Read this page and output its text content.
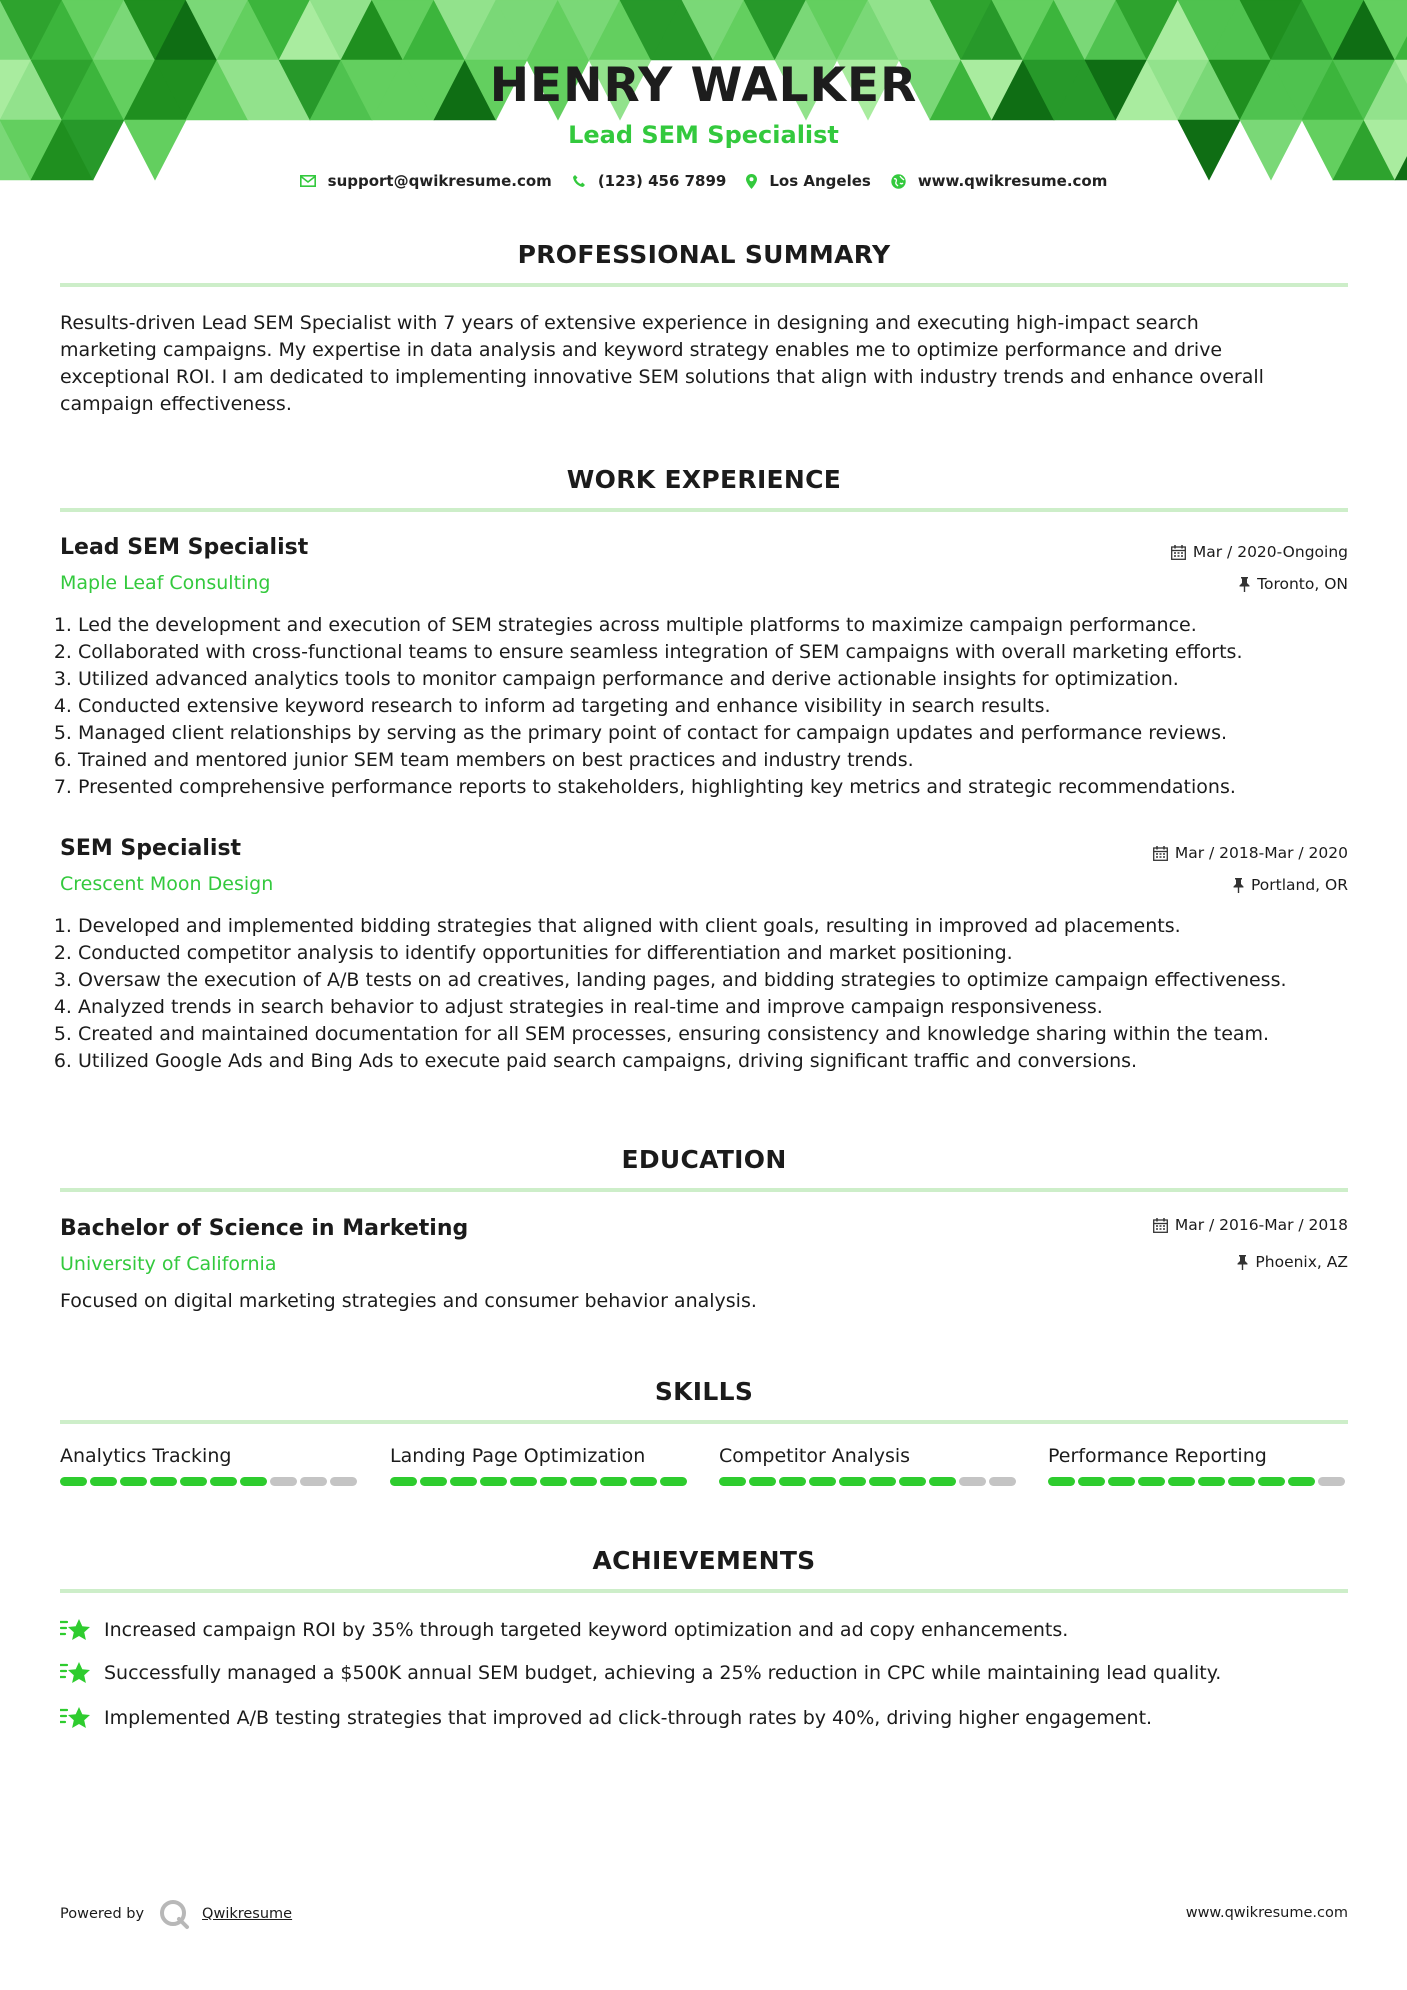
HENRY WALKER
Lead SEM Specialist
support@qwikresume.com	(123) 456 7899	Los Angeles	www.qwikresume.com
PROFESSIONAL SUMMARY
Results-driven Lead SEM Specialist with 7 years of extensive experience in designing and executing high-impact search
marketing campaigns. My expertise in data analysis and keyword strategy enables me to optimize performance and drive
exceptional ROI. I am dedicated to implementing innovative SEM solutions that align with industry trends and enhance overall
campaign effectiveness.
WORK EXPERIENCE
Lead SEM Specialist
Maple Leaf Consulting
Mar / 2020-Ongoing
Toronto, ON
1. Led the development and execution of SEM strategies across multiple platforms to maximize campaign performance.
2. Collaborated with cross-functional teams to ensure seamless integration of SEM campaigns with overall marketing efforts.
3. Utilized advanced analytics tools to monitor campaign performance and derive actionable insights for optimization.
4. Conducted extensive keyword research to inform ad targeting and enhance visibility in search results.
5. Managed client relationships by serving as the primary point of contact for campaign updates and performance reviews.
6. Trained and mentored junior SEM team members on best practices and industry trends.
7. Presented comprehensive performance reports to stakeholders, highlighting key metrics and strategic recommendations.
SEM Specialist
Crescent Moon Design
Mar / 2018-Mar / 2020
Portland, OR
1. Developed and implemented bidding strategies that aligned with client goals, resulting in improved ad placements.
2. Conducted competitor analysis to identify opportunities for differentiation and market positioning.
3. Oversaw the execution of A/B tests on ad creatives, landing pages, and bidding strategies to optimize campaign effectiveness.
4. Analyzed trends in search behavior to adjust strategies in real-time and improve campaign responsiveness.
5. Created and maintained documentation for all SEM processes, ensuring consistency and knowledge sharing within the team.
6. Utilized Google Ads and Bing Ads to execute paid search campaigns, driving significant traffic and conversions.
EDUCATION
Bachelor of Science in Marketing
University of California
Mar / 2016-Mar / 2018
Phoenix, AZ
Focused on digital marketing strategies and consumer behavior analysis.
SKILLS
Analytics Tracking	Landing Page Optimization	Competitor Analysis	Performance Reporting
ACHIEVEMENTS
Increased campaign ROI by 35% through targeted keyword optimization and ad copy enhancements.
Successfully managed a $500K annual SEM budget, achieving a 25% reduction in CPC while maintaining lead quality.
Implemented A/B testing strategies that improved ad click-through rates by 40%, driving higher engagement.
Powered by	Qwikresume	www.qwikresume.com
